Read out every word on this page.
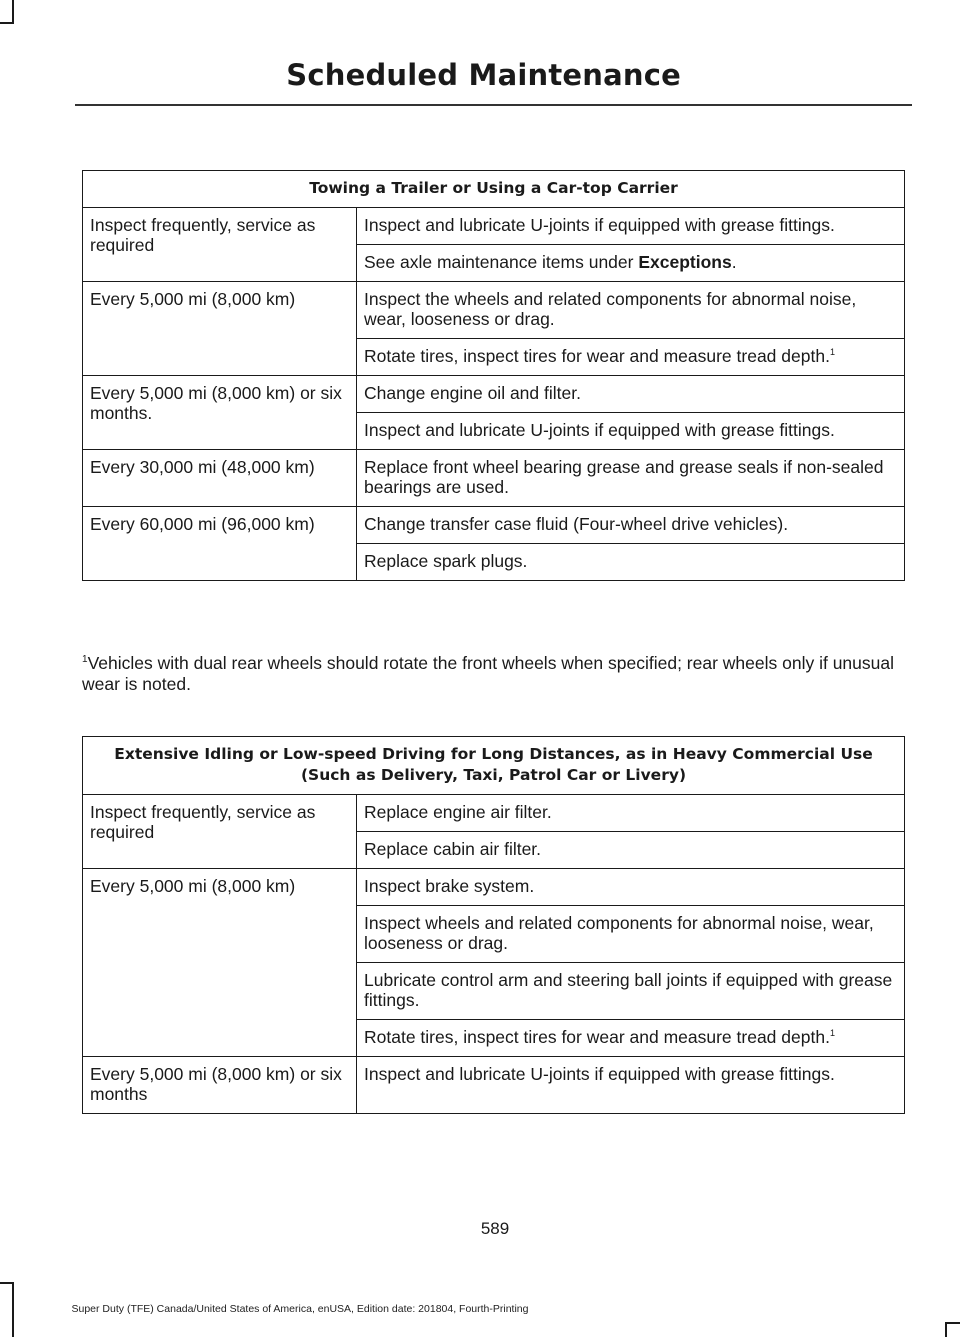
Scheduled Maintenance
Towing a Trailer or Using a Car-top Carrier	
Inspect frequently, service as required	Inspect and lubricate U-joints if equipped with grease fittings.
	See axle maintenance items under Exceptions.
Every 5,000 mi (8,000 km)	Inspect the wheels and related components for abnormal noise, wear, looseness or drag.
	Rotate tires, inspect tires for wear and measure tread depth.$^1$
Every 5,000 mi (8,000 km) or six months.	Change engine oil and filter.
	Inspect and lubricate U-joints if equipped with grease fittings.
Every 30,000 mi (48,000 km)	Replace front wheel bearing grease and grease seals if non-sealed bearings are used.
Every 60,000 mi (96,000 km)	Change transfer case fluid (Four-wheel drive vehicles).
	Replace spark plugs.
$^1$Vehicles with dual rear wheels should rotate the front wheels when specified; rear wheels only if unusual wear is noted.
Extensive Idling or Low-speed Driving for Long Distances, as in Heavy Commercial Use (Such as Delivery, Taxi, Patrol Car or Livery)	
Inspect frequently, service as required	Replace engine air filter.
	Replace cabin air filter.
Every 5,000 mi (8,000 km)	Inspect brake system.
	Inspect wheels and related components for abnormal noise, wear, looseness or drag.
	Lubricate control arm and steering ball joints if equipped with grease fittings.
	Rotate tires, inspect tires for wear and measure tread depth.$^1$
Every 5,000 mi (8,000 km) or six months	Inspect and lubricate U-joints if equipped with grease fittings.
589
Super Duty (TFE) Canada/United States of America, enUSA, Edition date: 201804, Fourth-Printing
